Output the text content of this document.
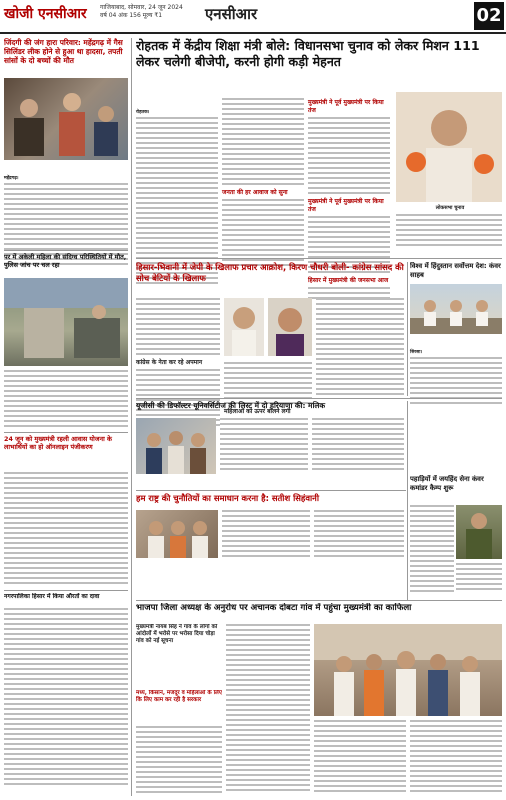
खोजी एनसीआर गाजियाबाद, सोमवार, 24 जून 2024
वर्ष 04 अंक 156 मूल्य ₹1	एनसीआर	02
जिंदगी की जंग हारा परिवार: महेंद्रगढ़ में गैस सिलिंडर लीक होने से हुआ था हादसा, तपती सांसों के दो बच्चों की मौत
महेंद्रगढ़।
पर में अकेली महिला की संदिग्ध परिस्थितियों में मौत, पुलिस जांच पर चल रहा
24 जून को मुख्यमंत्री रहली आवास योजना के लाभार्थियों का हो ऑनलाइन पंजीकरण
नगरपालिका हिसार में किया औरतों का दावा
रोहतक में केंद्रीय शिक्षा मंत्री बोले: विधानसभा चुनाव को लेकर मिशन 111 लेकर चलेगी बीजेपी, करनी होगी कड़ी मेहनत
रोहतक।
जनता की हर आवाज को सुना
मुख्यमंत्री ने पूर्व मुख्यमंत्री पर किया तंज
मुख्यमंत्री ने पूर्व मुख्यमंत्री पर किया तंज
हिसार में मुख्यमंत्री की जनसभा आज
लोकसभा चुनाव
हिसार-भिवानी में जेपी के खिलाफ प्रचार आक्रोश, किरण चौधरी बोली- कांग्रेस सांसद की सोच बेटियों के खिलाफ
कांग्रेस के नेता कर रहे अपमान
महिलाओं को ऊपर बोलने लगी
विश्व में हिंदुस्तान सर्वोत्तम देश: कंवर साहब
सिरसा।
यूजीसी की डिफॉल्टर यूनिवर्सिटीज की लिस्ट में दो हरियाणा की: मलिक
पहाड़ियों में जयहिंद सेना कंवर कमांडर कैम्प शुरू
हम राष्ट्र की चुनौतियों का समाधान करना है: सतीश सिहंवानी
भाजपा जिला अध्यक्ष के अनुरोध पर अचानक दोबटा गांव में पहुंचा मुख्यमंत्री का काफिला
मुख्यमंत्री नायब सिंह ने गांव के लोगों को आंदोलों में भरोसे पर भरोसा दिया चोड़ा गांव को नई सूचना
मध्य, किसान, मजदूर व महिलाओं के लिए कि लिए काम कर रही है सरकार
